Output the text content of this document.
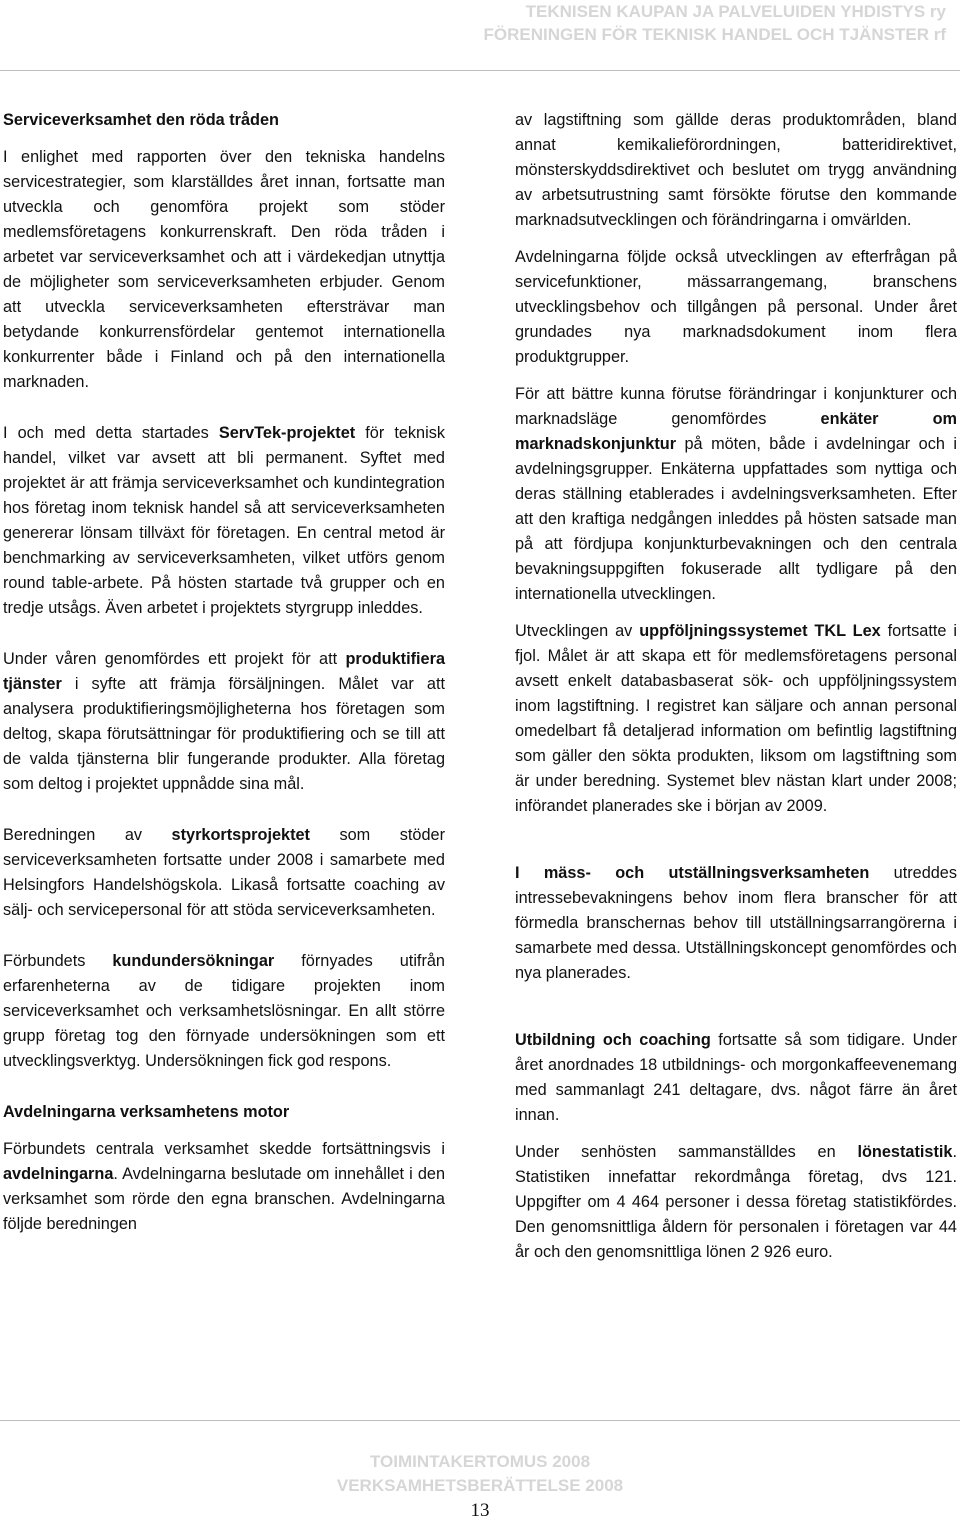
TEKNISEN KAUPAN JA PALVELUIDEN YHDISTYS ry
FÖRENINGEN FÖR TEKNISK HANDEL OCH TJÄNSTER rf

Serviceverksamhet den röda tråden

I enlighet med rapporten över den tekniska handelns servicestrategier, som klarställdes året innan, fortsatte man utveckla och genomföra projekt som stöder medlemsföretagens konkurrenskraft. Den röda tråden i arbetet var serviceverksamhet och att i värdekedjan utnyttja de möjligheter som serviceverksamheten erbjuder. Genom att utveckla serviceverksamheten eftersträvar man betydande konkurrensfördelar gentemot internationella konkurrenter både i Finland och på den internationella marknaden.

I och med detta startades ServTek-projektet för teknisk handel, vilket var avsett att bli permanent. Syftet med projektet är att främja serviceverksamhet och kundintegration hos företag inom teknisk handel så att serviceverksamheten genererar lönsam tillväxt för företagen. En central metod är benchmarking av serviceverksamheten, vilket utförs genom round table-arbete. På hösten startade två grupper och en tredje utsågs. Även arbetet i projektets styrgrupp inleddes.

Under våren genomfördes ett projekt för att produktifiera tjänster i syfte att främja försäljningen. Målet var att analysera produktifieringsmöjligheterna hos företagen som deltog, skapa förutsättningar för produktifiering och se till att de valda tjänsterna blir fungerande produkter. Alla företag som deltog i projektet uppnådde sina mål.

Beredningen av styrkortsprojektet som stöder serviceverksamheten fortsatte under 2008 i samarbete med Helsingfors Handelshögskola. Likaså fortsatte coaching av sälj- och servicepersonal för att stöda serviceverksamheten.

Förbundets kundundersökningar förnyades utifrån erfarenheterna av de tidigare projekten inom serviceverksamhet och verksamhetslösningar. En allt större grupp företag tog den förnyade undersökningen som ett utvecklingsverktyg. Undersökningen fick god respons.

Avdelningarna verksamhetens motor

Förbundets centrala verksamhet skedde fortsättningsvis i avdelningarna. Avdelningarna beslutade om innehållet i den verksamhet som rörde den egna branschen. Avdelningarna följde beredningen

av lagstiftning som gällde deras produktområden, bland annat kemikalieförordningen, batteridirektivet, mönsterskyddsdirektivet och beslutet om trygg användning av arbetsutrustning samt försökte förutse den kommande marknadsutvecklingen och förändringarna i omvärlden.

Avdelningarna följde också utvecklingen av efterfrågan på servicefunktioner, mässarrangemang, branschens utvecklingsbehov och tillgången på personal. Under året grundades nya marknadsdokument inom flera produktgrupper.

För att bättre kunna förutse förändringar i konjunkturer och marknadsläge genomfördes enkäter om marknadskonjunktur på möten, både i avdelningar och i avdelningsgrupper. Enkäterna uppfattades som nyttiga och deras ställning etablerades i avdelningsverksamheten. Efter att den kraftiga nedgången inleddes på hösten satsade man på att fördjupa konjunkturbevakningen och den centrala bevakningsuppgiften fokuserade allt tydligare på den internationella utvecklingen.

Utvecklingen av uppföljningssystemet TKL Lex fortsatte i fjol. Målet är att skapa ett för medlemsföretagens personal avsett enkelt databasbaserat sök- och uppföljningssystem inom lagstiftning. I registret kan säljare och annan personal omedelbart få detaljerad information om befintlig lagstiftning som gäller den sökta produkten, liksom om lagstiftning som är under beredning. Systemet blev nästan klart under 2008; införandet planerades ske i början av 2009.

I mäss- och utställningsverksamheten utreddes intressebevakningens behov inom flera branscher för att förmedla branschernas behov till utställningsarrangörerna i samarbete med dessa. Utställningskoncept genomfördes och nya planerades.

Utbildning och coaching fortsatte så som tidigare. Under året anordnades 18 utbildnings- och morgonkaffeevenemang med sammanlagt 241 deltagare, dvs. något färre än året innan.

Under senhösten sammanställdes en lönestatistik. Statistiken innefattar rekordmånga företag, dvs 121. Uppgifter om 4 464 personer i dessa företag statistikfördes. Den genomsnittliga åldern för personalen i företagen var 44 år och den genomsnittliga lönen 2 926 euro.

TOIMINTAKERTOMUS 2008
VERKSAMHETSBERÄTTELSE 2008
13
